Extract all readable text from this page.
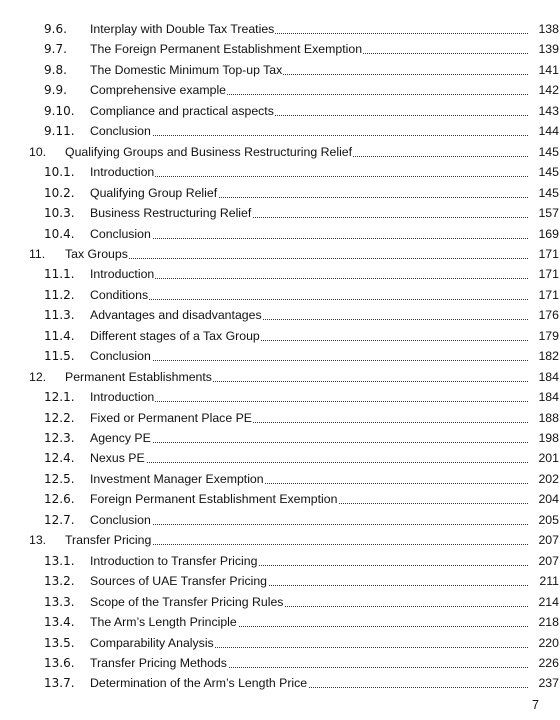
9.6. Interplay with Double Tax Treaties	138
9.7. The Foreign Permanent Establishment Exemption	139
9.8. The Domestic Minimum Top-up Tax	141
9.9. Comprehensive example	142
9.10. Compliance and practical aspects	143
9.11. Conclusion	144
10. Qualifying Groups and Business Restructuring Relief	145
10.1. Introduction	145
10.2. Qualifying Group Relief	145
10.3. Business Restructuring Relief	157
10.4. Conclusion	169
11. Tax Groups	171
11.1. Introduction	171
11.2. Conditions	171
11.3. Advantages and disadvantages	176
11.4. Different stages of a Tax Group	179
11.5. Conclusion	182
12. Permanent Establishments	184
12.1. Introduction	184
12.2. Fixed or Permanent Place PE	188
12.3. Agency PE	198
12.4. Nexus PE	201
12.5. Investment Manager Exemption	202
12.6. Foreign Permanent Establishment Exemption	204
12.7. Conclusion	205
13. Transfer Pricing	207
13.1. Introduction to Transfer Pricing	207
13.2. Sources of UAE Transfer Pricing	211
13.3. Scope of the Transfer Pricing Rules	214
13.4. The Arm’s Length Principle	218
13.5. Comparability Analysis	220
13.6. Transfer Pricing Methods	226
13.7. Determination of the Arm’s Length Price	237
7
